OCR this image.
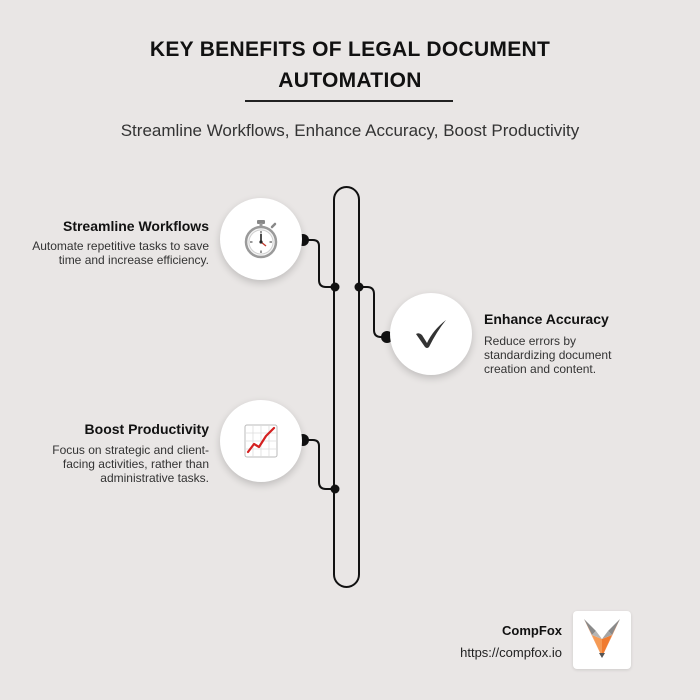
KEY BENEFITS OF LEGAL DOCUMENT
AUTOMATION
Streamline Workflows, Enhance Accuracy, Boost Productivity
Streamline Workflows
Automate repetitive tasks to save time and increase efficiency.
Enhance Accuracy
Reduce errors by standardizing document creation and content.
Boost Productivity
Focus on strategic and client-facing activities, rather than administrative tasks.
CompFox
https://compfox.io
